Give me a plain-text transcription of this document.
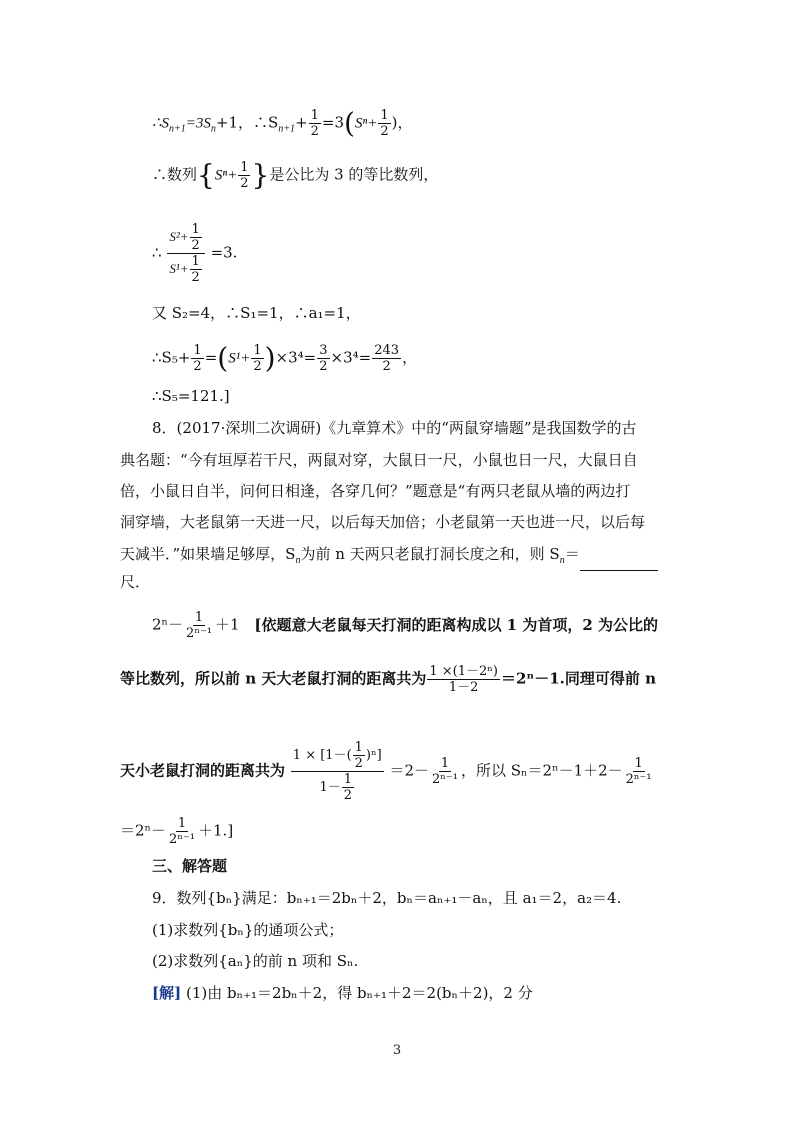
$\therefore S_{n+1}=3S_n+1$，$\therefore S_{n+1}+ \frac{1}{2} =3(S^n+ \frac{1}{2}$ )，
∴数列{$S^n+ \frac{1}{2}$ }是公比为 3 的等比数列，
∴ $\frac{S^2+ \frac{1}{2}}{S^1+ \frac{1}{2}} =3$.
又 S₂=4，∴S₁=1，∴a₁=1，
∴S₅+ $\frac{1}{2} =(S^1+ \frac{1}{2} )\times 3^4= \frac{3}{2} \times 3^4= \frac{243}{2}$ ，
∴S₅=121.]
8．(2017·深圳二次调研)《九章算术》中的“两鼠穿墙题”是我国数学的古
典名题：“今有垣厚若干尺，两鼠对穿，大鼠日一尺，小鼠也日一尺，大鼠日自
倍，小鼠日自半，问何日相逢，各穿几何？”题意是“有两只老鼠从墙的两边打
洞穿墙，大老鼠第一天进一尺，以后每天加倍；小老鼠第一天也进一尺，以后每
天减半．”如果墙足够厚，$S_n$为前 n 天两只老鼠打洞长度之和，则 $S_n=$
尺．
$2^n- \frac{1}{\text{2ⁿ⁻¹}} +1$ [依题意大老鼠每天打洞的距离构成以 1 为首项，2 为公比的
等比数列，所以前 n 天大老鼠打洞的距离共为 $\frac{\text{1 ×(1－2ⁿ)}}{1-2} =2^n-1$.同理可得前 n
天小老鼠打洞的距离共为 $\frac{1 \times [1-( \frac{1}{2} )^n]}{1- \frac{1}{2}} =2- \frac{1}{\text{2ⁿ⁻¹}}$ ，所以 $S_n=2^n-1+2- \frac{1}{\text{2ⁿ⁻¹}}$
$=2^n- \frac{1}{\text{2ⁿ⁻¹}} +1$.]
三、解答题
9．数列{bₙ}满足：bₙ₊₁＝2bₙ＋2，bₙ＝aₙ₊₁－aₙ，且 a₁＝2，a₂＝4.
(1)求数列{bₙ}的通项公式；
(2)求数列{aₙ}的前 n 项和 Sₙ.
[解] (1)由 bₙ₊₁＝2bₙ＋2，得 bₙ₊₁＋2＝2(bₙ＋2)，2 分
3
